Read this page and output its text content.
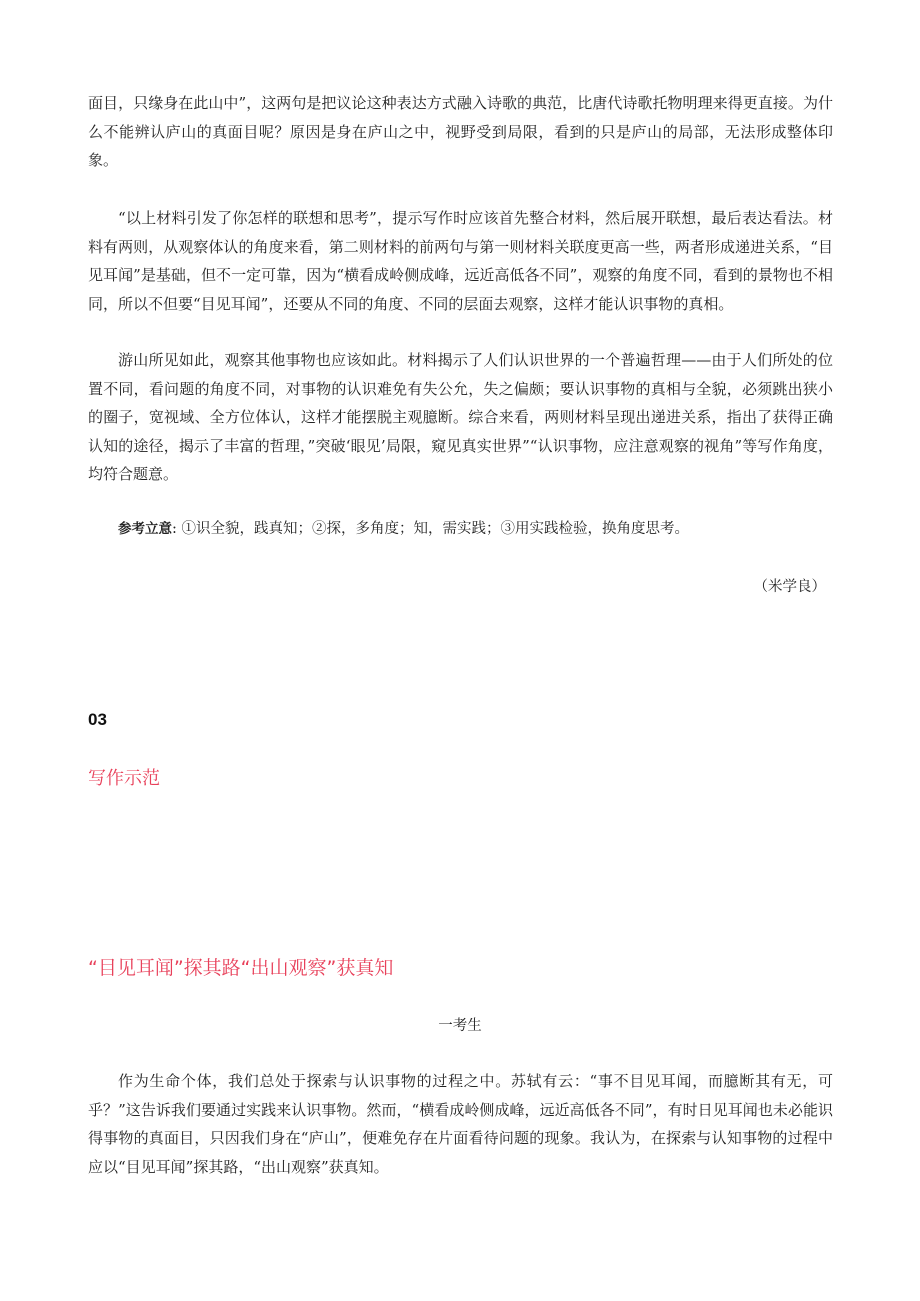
面目，只缘身在此山中”，这两句是把议论这种表达方式融入诗歌的典范，比唐代诗歌托物明理来得更直接。为什么不能辨认庐山的真面目呢？原因是身在庐山之中，视野受到局限，看到的只是庐山的局部，无法形成整体印象。

“以上材料引发了你怎样的联想和思考”，提示写作时应该首先整合材料，然后展开联想，最后表达看法。材料有两则，从观察体认的角度来看，第二则材料的前两句与第一则材料关联度更高一些，两者形成递进关系，“目见耳闻”是基础，但不一定可靠，因为“横看成岭侧成峰，远近高低各不同”，观察的角度不同，看到的景物也不相同，所以不但要“目见耳闻”，还要从不同的角度、不同的层面去观察，这样才能认识事物的真相。

游山所见如此，观察其他事物也应该如此。材料揭示了人们认识世界的一个普遍哲理——由于人们所处的位置不同，看问题的角度不同，对事物的认识难免有失公允，失之偏颇；要认识事物的真相与全貌，必须跳出狭小的圈子，宽视域、全方位体认，这样才能摆脱主观臆断。综合来看，两则材料呈现出递进关系，指出了获得正确认知的途径，揭示了丰富的哲理，”突破‘眼见’局限，窥见真实世界”“认识事物，应注意观察的视角”等写作角度，均符合题意。

参考立意: ①识全貌，践真知；②探，多角度；知，需实践；③用实践检验，换角度思考。

（米学良）
03
写作示范
“目见耳闻”探其路“出山观察”获真知
一考生

作为生命个体，我们总处于探索与认识事物的过程之中。苏轼有云：“事不目见耳闻，而臆断其有无，可乎？”这告诉我们要通过实践来认识事物。然而，“横看成岭侧成峰，远近高低各不同”，有时日见耳闻也未必能识得事物的真面目，只因我们身在“庐山”，便难免存在片面看待问题的现象。我认为，在探索与认知事物的过程中应以“目见耳闻”探其路，“出山观察”获真知。
